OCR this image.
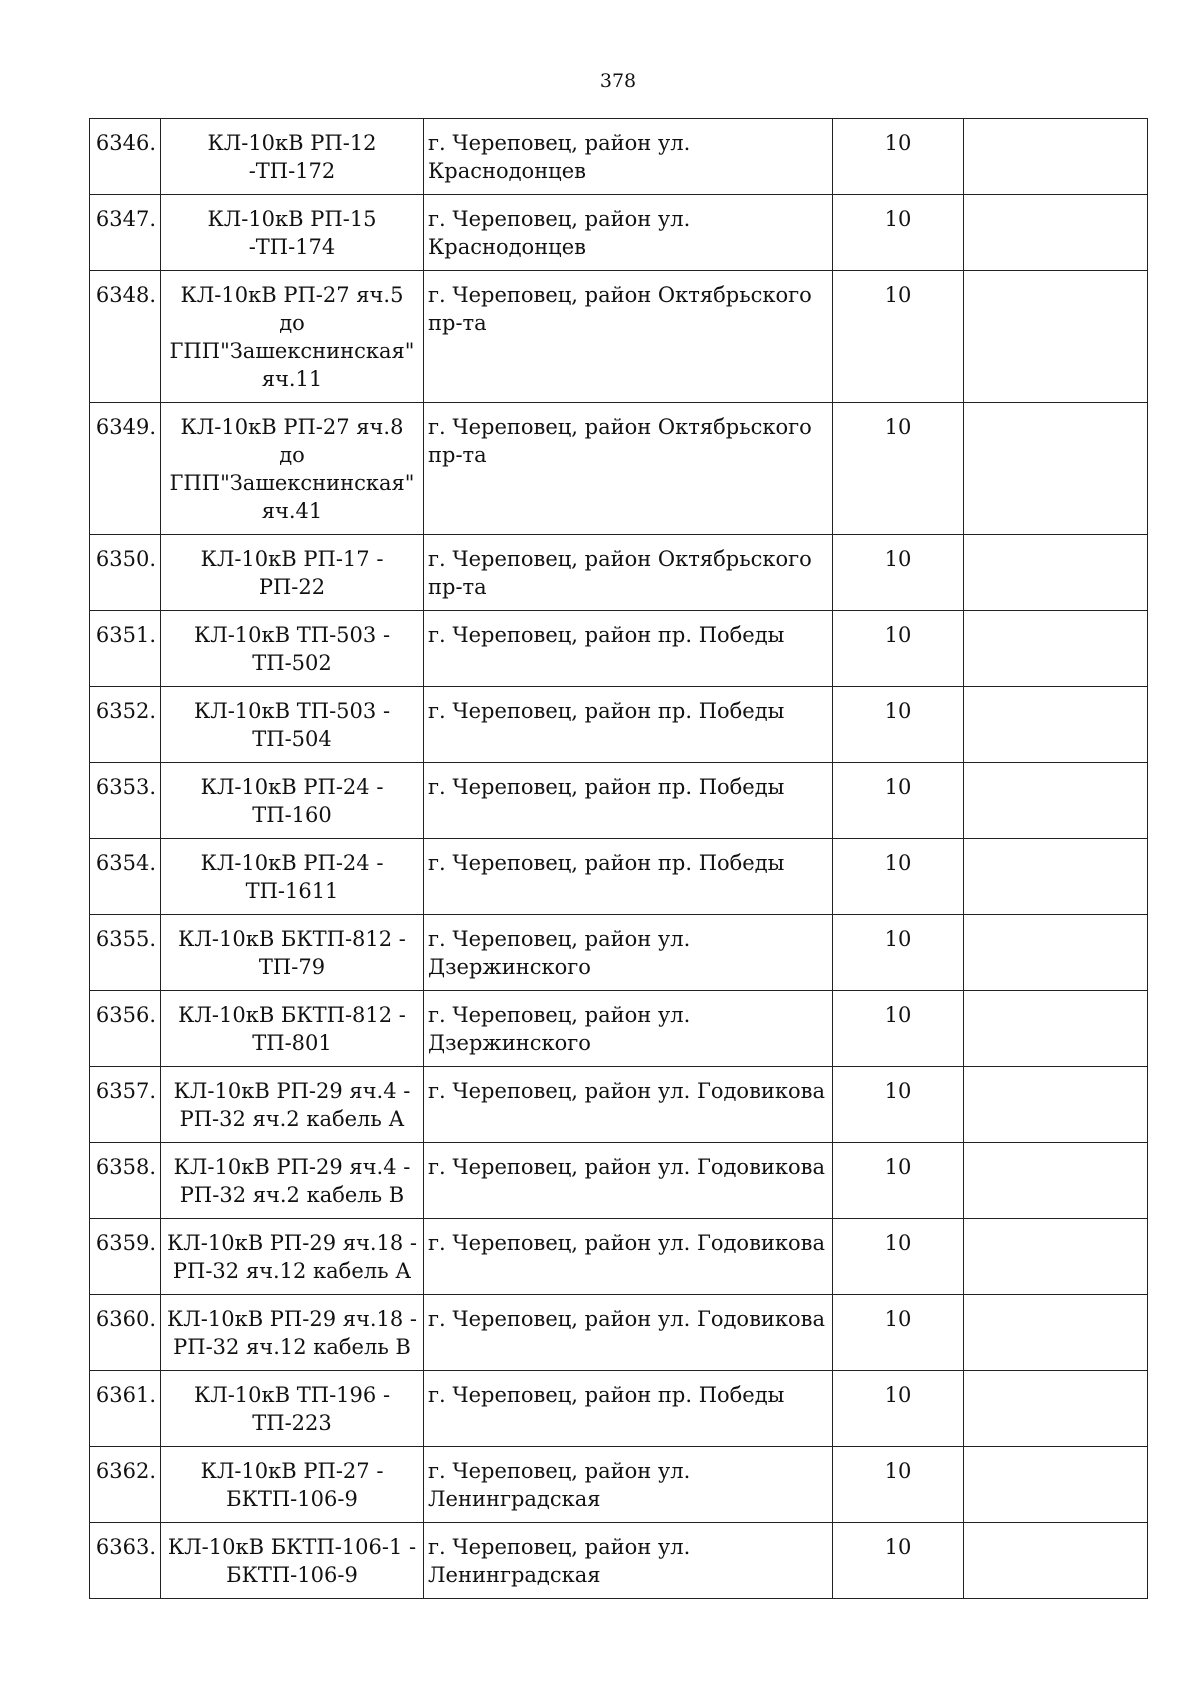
378
6346.	КЛ-10кВ РП-12 -ТП-172	г. Череповец, район ул. Краснодонцев	10	
6347.	КЛ-10кВ РП-15 -ТП-174	г. Череповец, район ул. Краснодонцев	10	
6348.	КЛ-10кВ РП-27 яч.5 до ГПП"Зашекснинская" яч.11	г. Череповец, район Октябрьского пр-та	10	
6349.	КЛ-10кВ РП-27 яч.8 до ГПП"Зашекснинская" яч.41	г. Череповец, район Октябрьского пр-та	10	
6350.	КЛ-10кВ РП-17 - РП-22	г. Череповец, район Октябрьского пр-та	10	
6351.	КЛ-10кВ ТП-503 - ТП-502	г. Череповец, район пр. Победы	10	
6352.	КЛ-10кВ ТП-503 - ТП-504	г. Череповец, район пр. Победы	10	
6353.	КЛ-10кВ РП-24 - ТП-160	г. Череповец, район пр. Победы	10	
6354.	КЛ-10кВ РП-24 - ТП-1611	г. Череповец, район пр. Победы	10	
6355.	КЛ-10кВ БКТП-812 - ТП-79	г. Череповец, район ул. Дзержинского	10	
6356.	КЛ-10кВ БКТП-812 - ТП-801	г. Череповец, район ул. Дзержинского	10	
6357.	КЛ-10кВ РП-29 яч.4 - РП-32 яч.2 кабель А	г. Череповец, район ул. Годовикова	10	
6358.	КЛ-10кВ РП-29 яч.4 - РП-32 яч.2 кабель В	г. Череповец, район ул. Годовикова	10	
6359.	КЛ-10кВ РП-29 яч.18 - РП-32 яч.12 кабель А	г. Череповец, район ул. Годовикова	10	
6360.	КЛ-10кВ РП-29 яч.18 - РП-32 яч.12 кабель В	г. Череповец, район ул. Годовикова	10	
6361.	КЛ-10кВ ТП-196 - ТП-223	г. Череповец, район пр. Победы	10	
6362.	КЛ-10кВ РП-27 - БКТП-106-9	г. Череповец, район ул. Ленинградская	10	
6363.	КЛ-10кВ БКТП-106-1 - БКТП-106-9	г. Череповец, район ул. Ленинградская	10	
